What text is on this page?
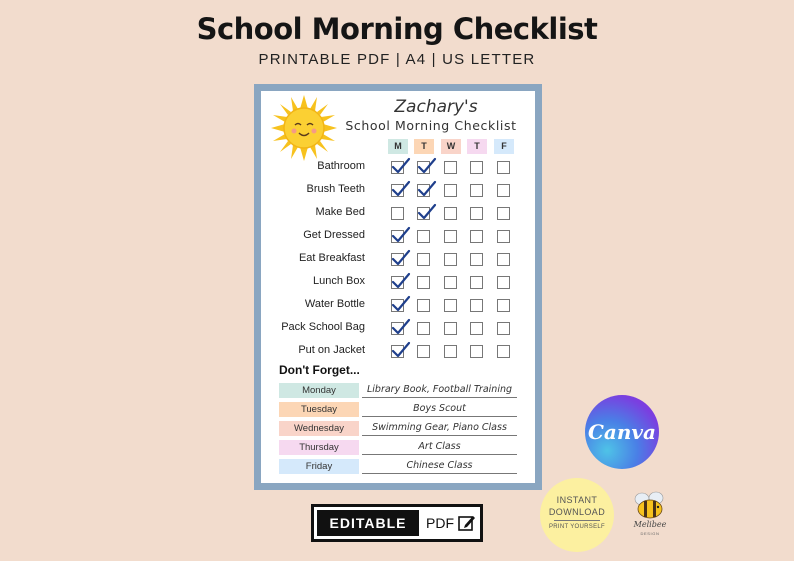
School Morning Checklist
PRINTABLE PDF | A4 | US LETTER
Zachary's
School Morning Checklist
Don't Forget...
M	T	W	T	F
Bathroom
Brush Teeth
Make Bed
Get Dressed
Eat Breakfast
Lunch Box
Water Bottle
Pack School Bag
Put on Jacket
Monday	Library Book, Football Training
Tuesday	Boys Scout
Wednesday	Swimming Gear, Piano Class
Thursday	Art Class
Friday	Chinese Class
Canva
INSTANT
DOWNLOAD
PRINT YOURSELF	Melibee
DESIGN
EDITABLE	PDF
